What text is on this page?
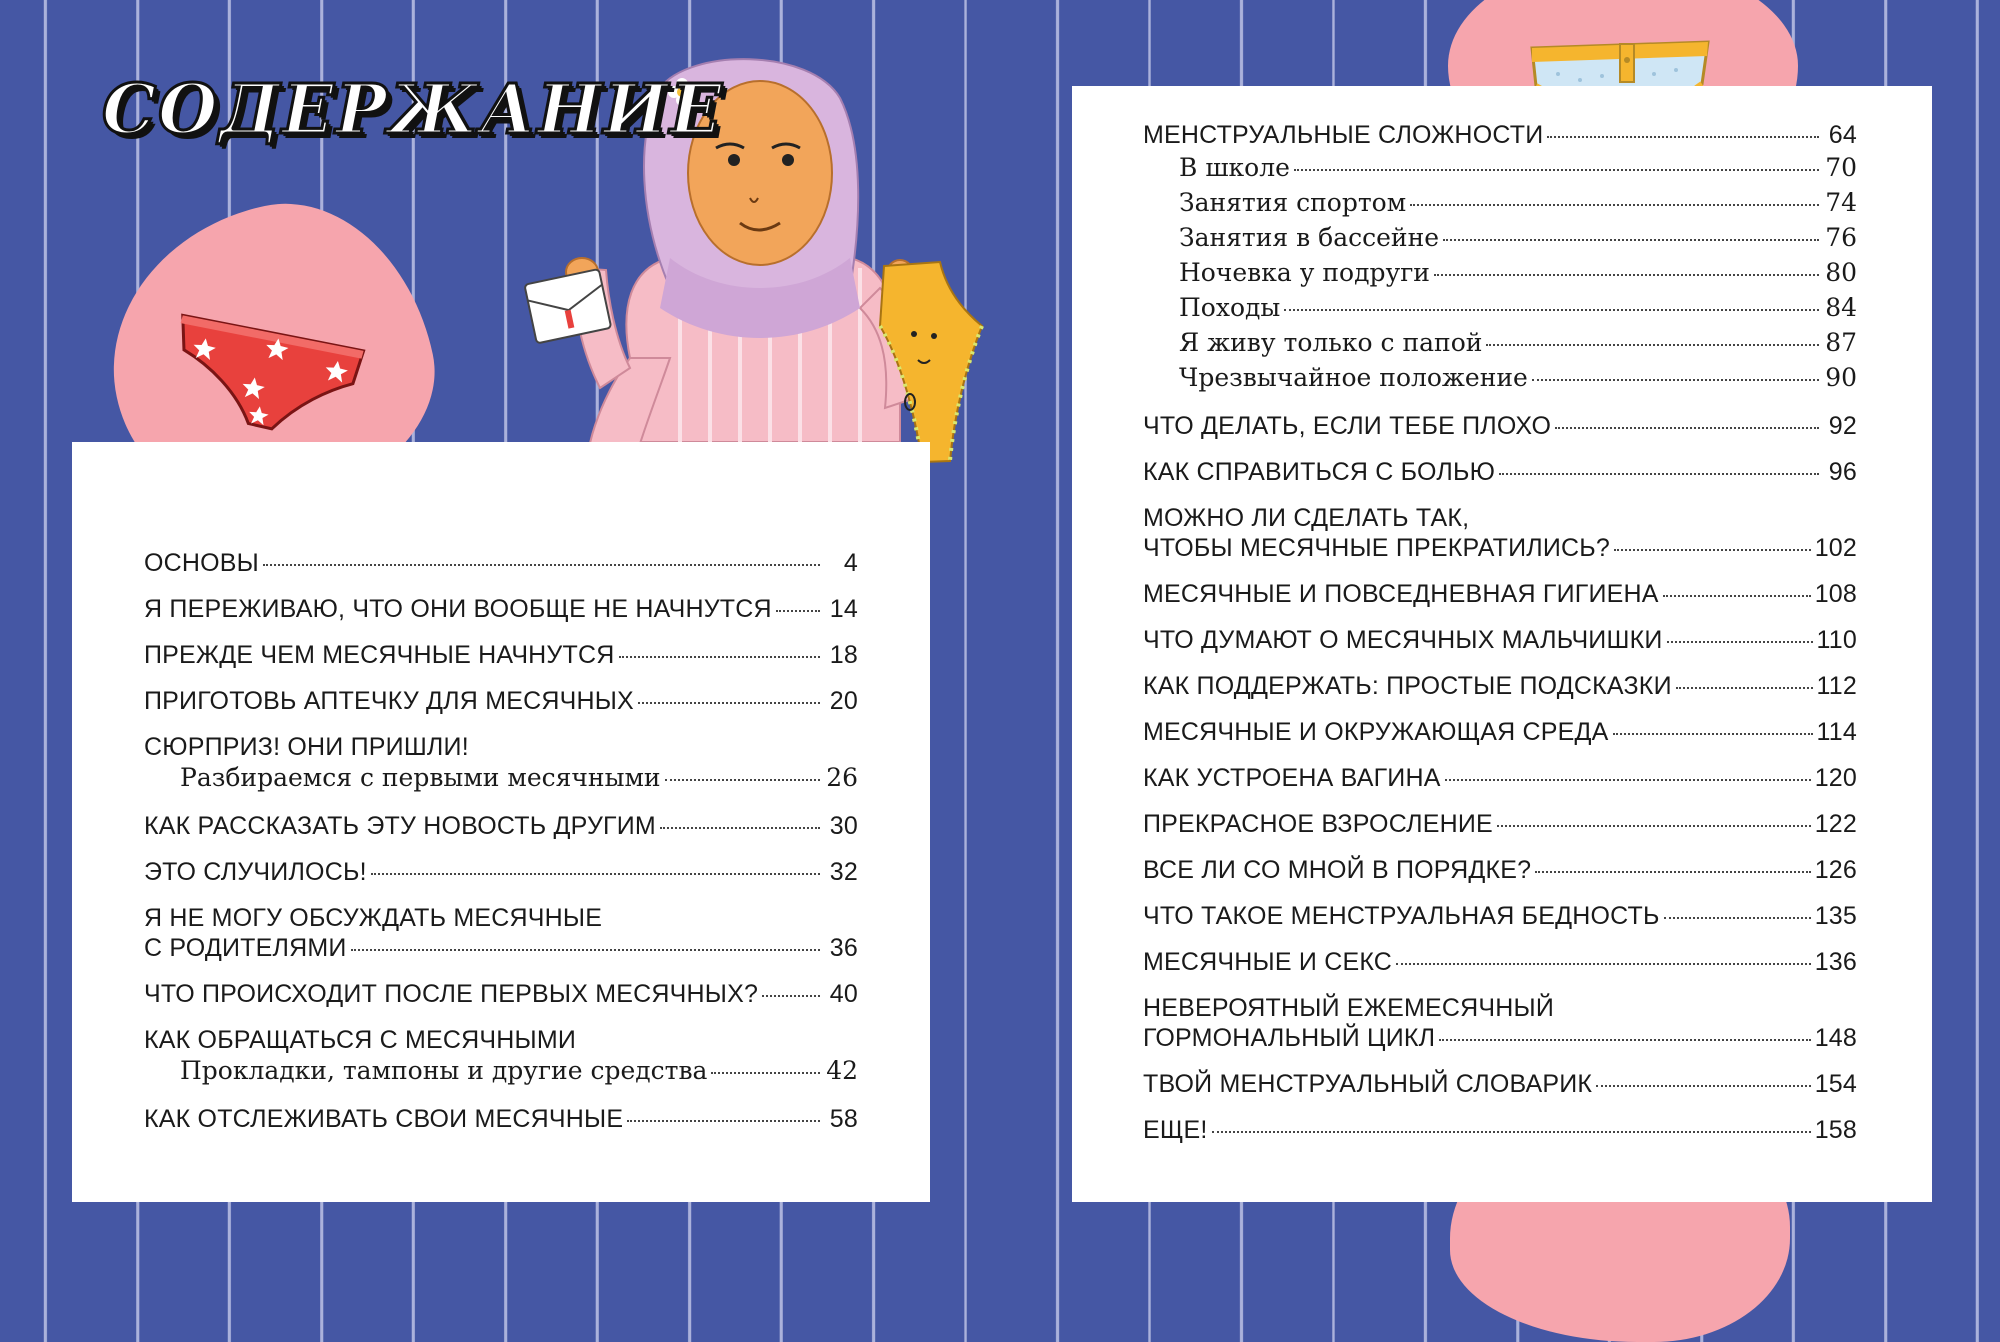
СОДЕРЖАНИЕ
ОСНОВЫ	4
Я ПЕРЕЖИВАЮ, ЧТО ОНИ ВООБЩЕ НЕ НАЧНУТСЯ 14
ПРЕЖДЕ ЧЕМ МЕСЯЧНЫЕ НАЧНУТСЯ	18
ПРИГОТОВЬ АПТЕЧКУ ДЛЯ МЕСЯЧНЫХ	20
СЮРПРИЗ! ОНИ ПРИШЛИ!
Разбираемся с первыми месячными	26
КАК РАССКАЗАТЬ ЭТУ НОВОСТЬ ДРУГИМ	30
ЭТО СЛУЧИЛОСЬ!	32
Я НЕ МОГУ ОБСУЖДАТЬ МЕСЯЧНЫЕ
С РОДИТЕЛЯМИ	36
ЧТО ПРОИСХОДИТ ПОСЛЕ ПЕРВЫХ МЕСЯЧНЫХ?	40
КАК ОБРАЩАТЬСЯ С МЕСЯЧНЫМИ
Прокладки, тампоны и другие средства	42
КАК ОТСЛЕЖИВАТЬ СВОИ МЕСЯЧНЫЕ	58
МЕНСТРУАЛЬНЫЕ СЛОЖНОСТИ	64
В школе	70
Занятия спортом	74
Занятия в бассейне	76
Ночевка у подруги	80
Походы	84
Я живу только с папой	87
Чрезвычайное положение	90
ЧТО ДЕЛАТЬ, ЕСЛИ ТЕБЕ ПЛОХО	92
КАК СПРАВИТЬСЯ С БОЛЬЮ	96
МОЖНО ЛИ СДЕЛАТЬ ТАК,
ЧТОБЫ МЕСЯЧНЫЕ ПРЕКРАТИЛИСЬ?	102
МЕСЯЧНЫЕ И ПОВСЕДНЕВНАЯ ГИГИЕНА	108
ЧТО ДУМАЮТ О МЕСЯЧНЫХ МАЛЬЧИШКИ	110
КАК ПОДДЕРЖАТЬ: ПРОСТЫЕ ПОДСКАЗКИ	112
МЕСЯЧНЫЕ И ОКРУЖАЮЩАЯ СРЕДА	114
КАК УСТРОЕНА ВАГИНА	120
ПРЕКРАСНОЕ ВЗРОСЛЕНИЕ	122
ВСЕ ЛИ СО МНОЙ В ПОРЯДКЕ?	126
ЧТО ТАКОЕ МЕНСТРУАЛЬНАЯ БЕДНОСТЬ	135
МЕСЯЧНЫЕ И СЕКС	136
НЕВЕРОЯТНЫЙ ЕЖЕМЕСЯЧНЫЙ
ГОРМОНАЛЬНЫЙ ЦИКЛ	148
ТВОЙ МЕНСТРУАЛЬНЫЙ СЛОВАРИК	154
ЕЩЕ!	158
